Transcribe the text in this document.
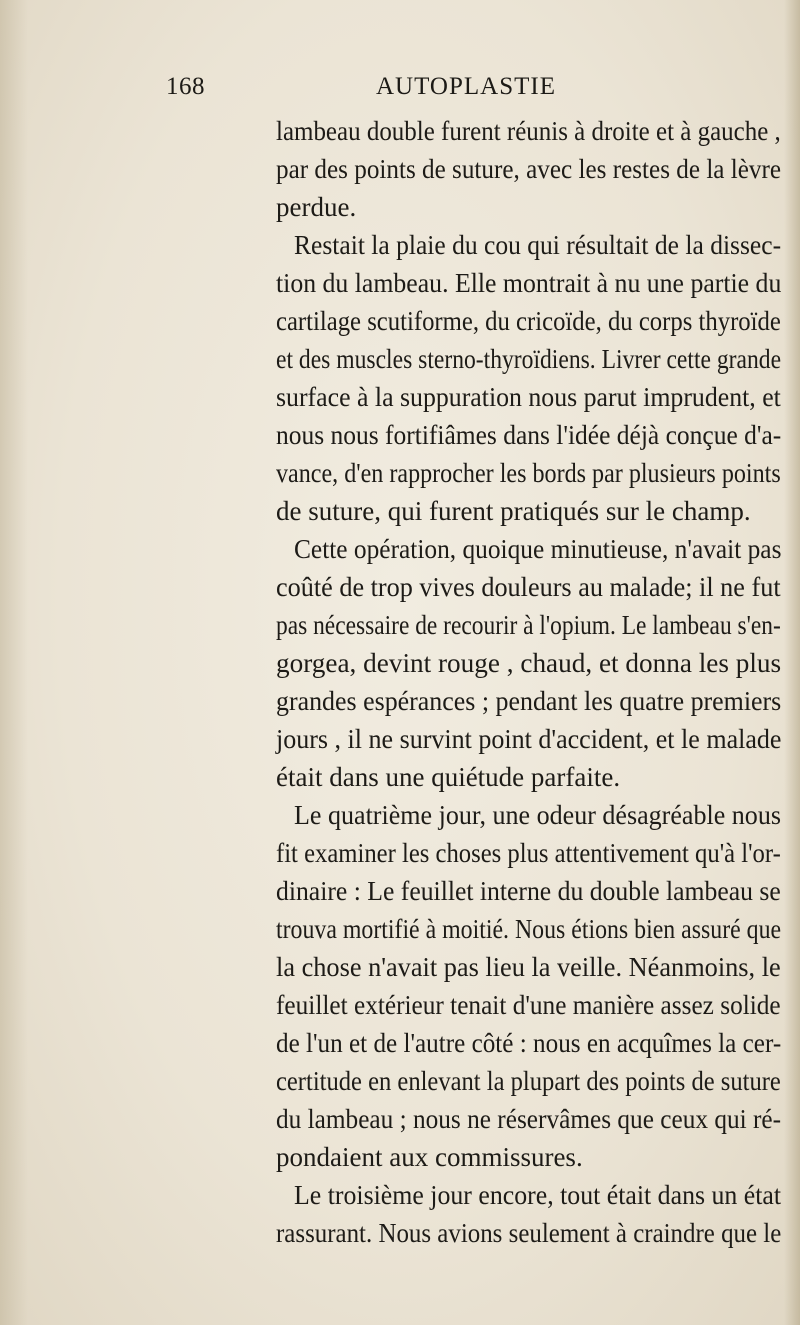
168	AUTOPLASTIE
lambeau double furent réunis à droite et à gauche ,
par des points de suture, avec les restes de la lèvre
perdue.
Restait la plaie du cou qui résultait de la dissec-
tion du lambeau. Elle montrait à nu une partie du
cartilage scutiforme, du cricoïde, du corps thyroïde
et des muscles sterno-thyroïdiens. Livrer cette grande
surface à la suppuration nous parut imprudent, et
nous nous fortifiâmes dans l'idée déjà conçue d'a-
vance, d'en rapprocher les bords par plusieurs points
de suture, qui furent pratiqués sur le champ.
Cette opération, quoique minutieuse, n'avait pas
coûté de trop vives douleurs au malade; il ne fut
pas nécessaire de recourir à l'opium. Le lambeau s'en-
gorgea, devint rouge , chaud, et donna les plus
grandes espérances ; pendant les quatre premiers
jours , il ne survint point d'accident, et le malade
était dans une quiétude parfaite.
Le quatrième jour, une odeur désagréable nous
fit examiner les choses plus attentivement qu'à l'or-
dinaire : Le feuillet interne du double lambeau se
trouva mortifié à moitié. Nous étions bien assuré que
la chose n'avait pas lieu la veille. Néanmoins, le
feuillet extérieur tenait d'une manière assez solide
de l'un et de l'autre côté : nous en acquîmes la cer-
certitude en enlevant la plupart des points de suture
du lambeau ; nous ne réservâmes que ceux qui ré-
pondaient aux commissures.
Le troisième jour encore, tout était dans un état
rassurant. Nous avions seulement à craindre que le
